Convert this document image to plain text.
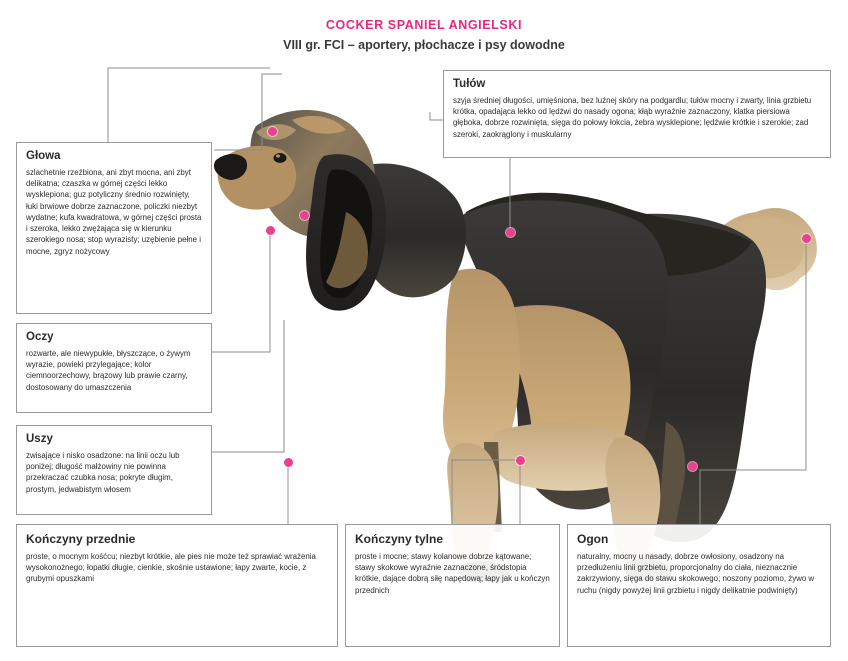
COCKER SPANIEL ANGIELSKI
VIII gr. FCI – aportery, płochacze i psy dowodne
Głowa

szlachetnie rzeźbiona, ani zbyt mocna, ani zbyt delikatna; czaszka w górnej części lekko wysklepiona; guz potyliczny średnio rozwinięty, łuki brwiowe dobrze zaznaczone, policzki niezbyt wydatne; kufa kwadratowa, w górnej części prosta i szeroka, lekko zwężająca się w kierunku szerokiego nosa; stop wyrazisty; uzębienie pełne i mocne, zgryz nożycowy

Oczy

rozwarte, ale niewypukłe, błyszczące, o żywym wyrazie, powieki przylegające; kolor ciemnoorzechowy, brązowy lub prawie czarny, dostosowany do umaszczenia

Uszy

zwisające i nisko osadzone: na linii oczu lub poniżej; długość małżowiny nie powinna przekraczać czubka nosa; pokryte długim, prostym, jedwabistym włosem

Tułów

szyja średniej długości, umięśniona, bez luźnej skóry na podgardlu; tułów mocny i zwarty, linia grzbietu krótka, opadająca lekko od lędźwi do nasady ogona; kłąb wyraźnie zaznaczony, klatka piersiowa głęboka, dobrze rozwinięta, sięga do połowy łokcia, żebra wysklepione; lędźwie krótkie i szerokie; zad szeroki, zaokrąglony i muskularny

Kończyny przednie

proste, o mocnym kośćcu; niezbyt krótkie, ale pies nie może też sprawiać wrażenia wysokonożnego; łopatki długie, cienkie, skośnie ustawione; łapy zwarte, kocie, z grubymi opuszkami

Kończyny tylne

proste i mocne; stawy kolanowe dobrze kątowane; stawy skokowe wyraźnie zaznaczone, śródstopia krótkie, dające dobrą siłę napędową; łapy jak u kończyn przednich

Ogon

naturalny, mocny u nasady, dobrze owłosiony, osadzony na przedłużeniu linii grzbietu, proporcjonalny do ciała, nieznacznie zakrzywiony, sięga do stawu skokowego; noszony poziomo, żywo w ruchu (nigdy powyżej linii grzbietu i nigdy delikatnie podwinięty)
